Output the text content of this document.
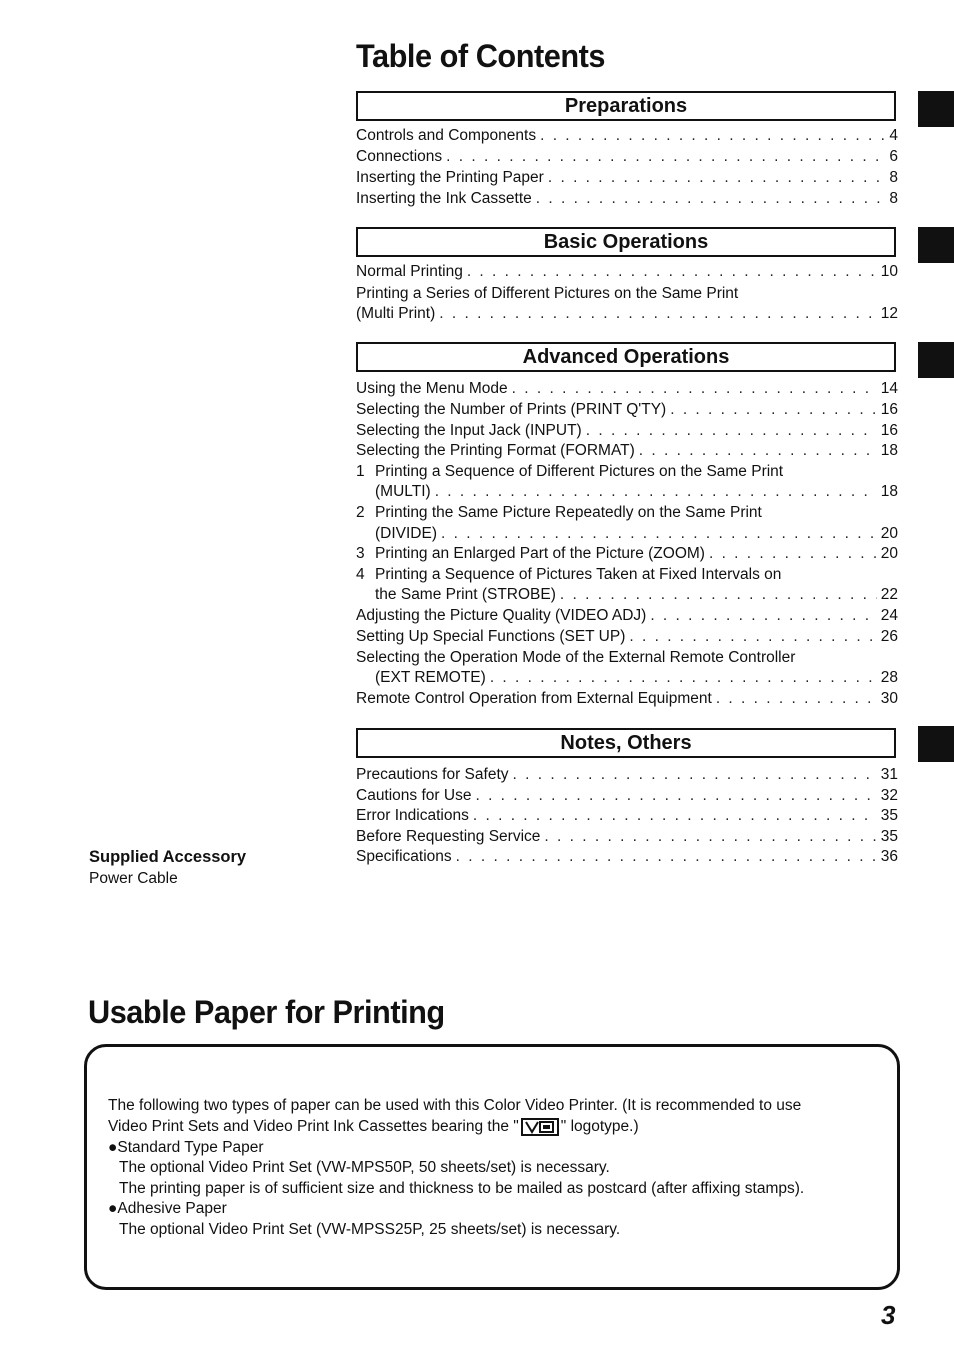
Table of Contents
Preparations
Controls and Components . . .	4
Connections . . .	6
Inserting the Printing Paper . . .	8
Inserting the Ink Cassette . . .	8
Basic Operations
Normal Printing . . .	10
Printing a Series of Different Pictures on the Same Print
(Multi Print) . . .	12
Advanced Operations
Using the Menu Mode . . .	14
Selecting the Number of Prints (PRINT Q'TY) . . .	16
Selecting the Input Jack (INPUT) . . .	16
Selecting the Printing Format (FORMAT) . . .	18
1 Printing a Sequence of Different Pictures on the Same Print
(MULTI) . . .	18
2 Printing the Same Picture Repeatedly on the Same Print
(DIVIDE) . . .	20
3 Printing an Enlarged Part of the Picture (ZOOM) . . .	20
4 Printing a Sequence of Pictures Taken at Fixed Intervals on
the Same Print (STROBE) . . .	22
Adjusting the Picture Quality (VIDEO ADJ) . . .	24
Setting Up Special Functions (SET UP) . . .	26
Selecting the Operation Mode of the External Remote Controller
(EXT REMOTE) . . .	28
Remote Control Operation from External Equipment . . .	30
Notes, Others
Precautions for Safety . . .	31
Cautions for Use . . .	32
Error Indications . . .	35
Before Requesting Service . . .	35
Specifications . . .	36
Supplied Accessory
Power Cable
Usable Paper for Printing
The following two types of paper can be used with this Color Video Printer. (It is recommended to use
Video Print Sets and Video Print Ink Cassettes bearing the "	" logotype.)
●Standard Type Paper
The optional Video Print Set (VW-MPS50P, 50 sheets/set) is necessary.
The printing paper is of sufficient size and thickness to be mailed as postcard (after affixing stamps).
●Adhesive Paper
The optional Video Print Set (VW-MPSS25P, 25 sheets/set) is necessary.
3
